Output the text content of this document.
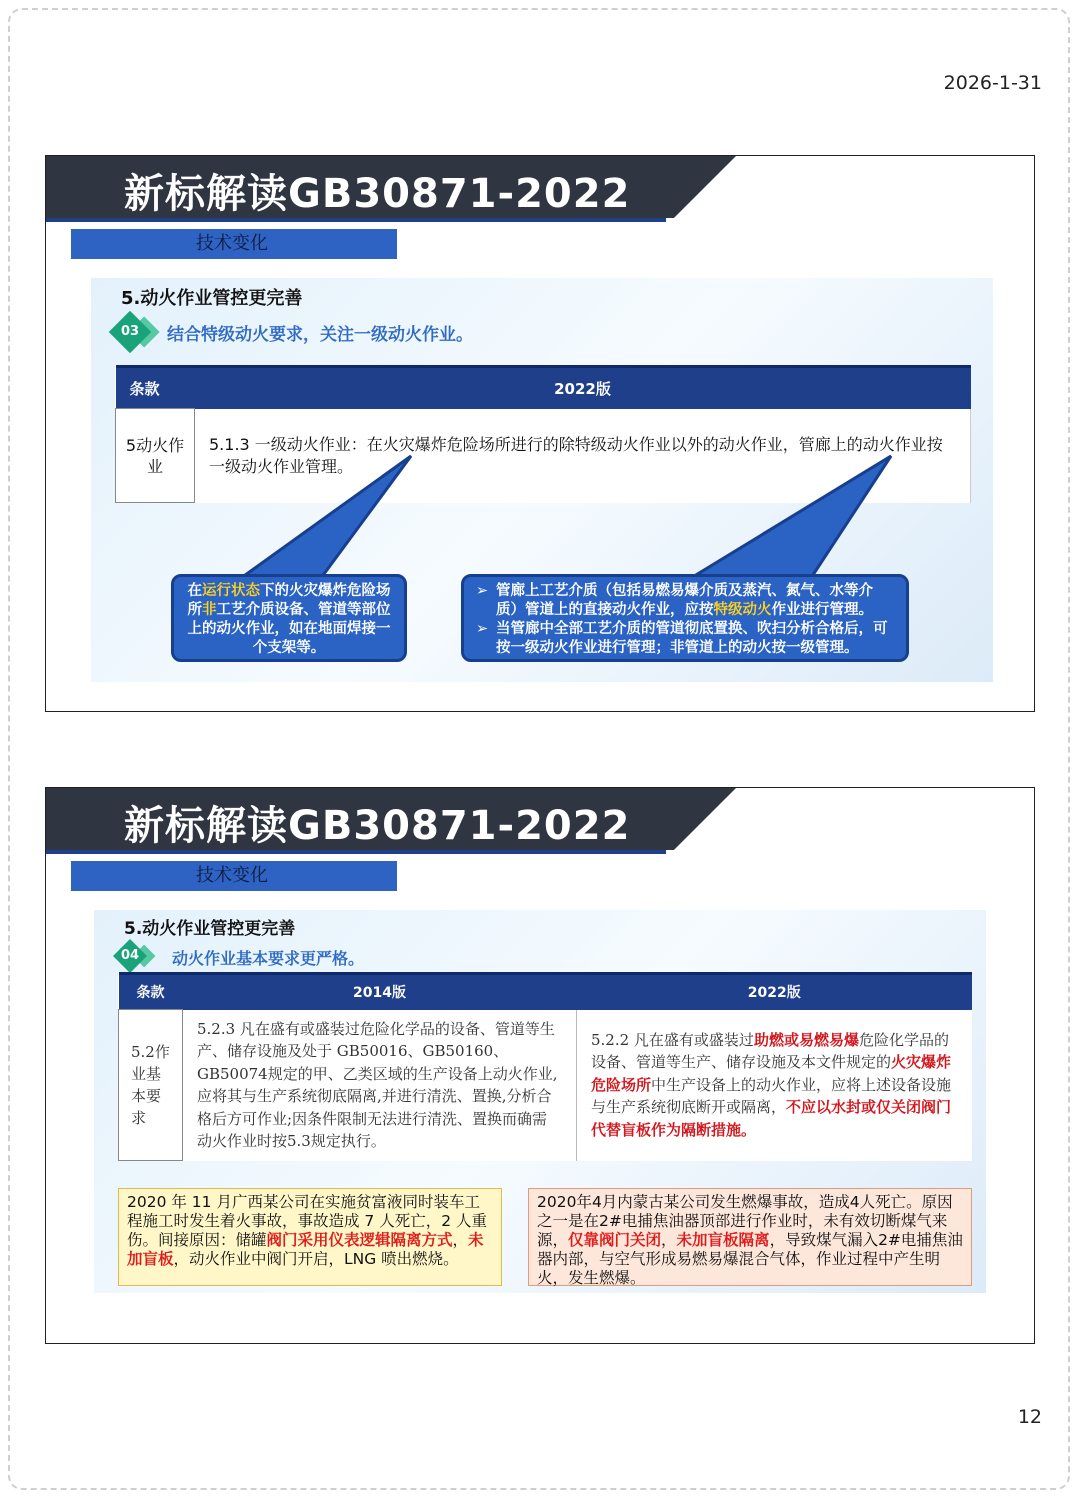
2026-1-31
新标解读GB30871-2022
技术变化
5.动火作业管控更完善
03	结合特级动火要求，关注一级动火作业。
条款	2022版
5动火作业	5.1.3 一级动火作业：在火灾爆炸危险场所进行的除特级动火作业以外的动火作业，管廊上的动火作业按一级动火作业管理。
在运行状态下的火灾爆炸危险场所非工艺介质设备、管道等部位上的动火作业，如在地面焊接一个支架等。
➢ 管廊上工艺介质（包括易燃易爆介质及蒸汽、氮气、水等介质）管道上的直接动火作业，应按特级动火作业进行管理。
➢ 当管廊中全部工艺介质的管道彻底置换、吹扫分析合格后，可按一级动火作业进行管理；非管道上的动火按一级管理。
新标解读GB30871-2022
技术变化
5.动火作业管控更完善
04	动火作业基本要求更严格。
条款	2014版	2022版
5.2作业基本要求	5.2.3 凡在盛有或盛装过危险化学品的设备、管道等生产、储存设施及处于 GB50016、GB50160、 GB50074规定的甲、乙类区域的生产设备上动火作业,应将其与生产系统彻底隔离,并进行清洗、置换,分析合格后方可作业;因条件限制无法进行清洗、置换而确需动火作业时按5.3规定执行。	5.2.2 凡在盛有或盛装过助燃或易燃易爆危险化学品的设备、管道等生产、储存设施及本文件规定的火灾爆炸危险场所中生产设备上的动火作业，应将上述设备设施与生产系统彻底断开或隔离，不应以水封或仅关闭阀门代替盲板作为隔断措施。
2020 年 11 月广西某公司在实施贫富液同时装车工程施工时发生着火事故，事故造成 7 人死亡，2 人重伤。间接原因：储罐阀门采用仪表逻辑隔离方式，未加盲板，动火作业中阀门开启，LNG 喷出燃烧。
2020年4月内蒙古某公司发生燃爆事故，造成4人死亡。原因之一是在2#电捕焦油器顶部进行作业时，未有效切断煤气来源，仅靠阀门关闭，未加盲板隔离，导致煤气漏入2#电捕焦油器内部，与空气形成易燃易爆混合气体，作业过程中产生明火，发生燃爆。
12
